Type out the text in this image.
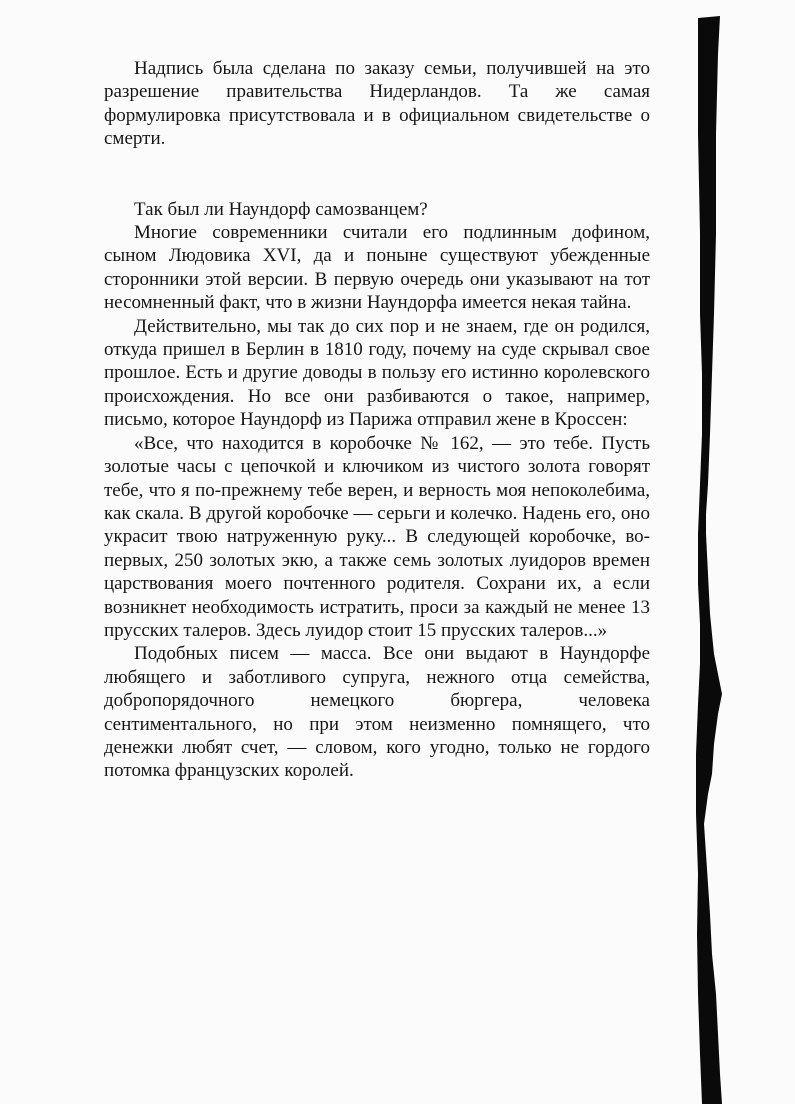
Надпись была сделана по заказу семьи, получившей на это разрешение правительства Нидерландов. Та же самая формулировка присутствовала и в официальном свидетельстве о смерти.

Так был ли Наундорф самозванцем?

Многие современники считали его подлинным дофином, сыном Людовика XVI, да и поныне существуют убежденные сторонники этой версии. В первую очередь они указывают на тот несомненный факт, что в жизни Наундорфа имеется некая тайна.

Действительно, мы так до сих пор и не знаем, где он родился, откуда пришел в Берлин в 1810 году, почему на суде скрывал свое прошлое. Есть и другие доводы в пользу его истинно королевского происхождения. Но все они разбиваются о такое, например, письмо, которое Наундорф из Парижа отправил жене в Кроссен:

«Все, что находится в коробочке № 162, — это тебе. Пусть золотые часы с цепочкой и ключиком из чистого золота говорят тебе, что я по-прежнему тебе верен, и верность моя непоколебима, как скала. В другой коробочке — серьги и колечко. Надень его, оно украсит твою натруженную руку... В следующей коробочке, во-первых, 250 золотых экю, а также семь золотых луидоров времен царствования моего почтенного родителя. Сохрани их, а если возникнет необходимость истратить, проси за каждый не менее 13 прусских талеров. Здесь луидор стоит 15 прусских талеров...»

Подобных писем — масса. Все они выдают в Наундорфе любящего и заботливого супруга, нежного отца семейства, добропорядочного немецкого бюргера, человека сентиментального, но при этом неизменно помнящего, что денежки любят счет, — словом, кого угодно, только не гордого потомка французских королей.
